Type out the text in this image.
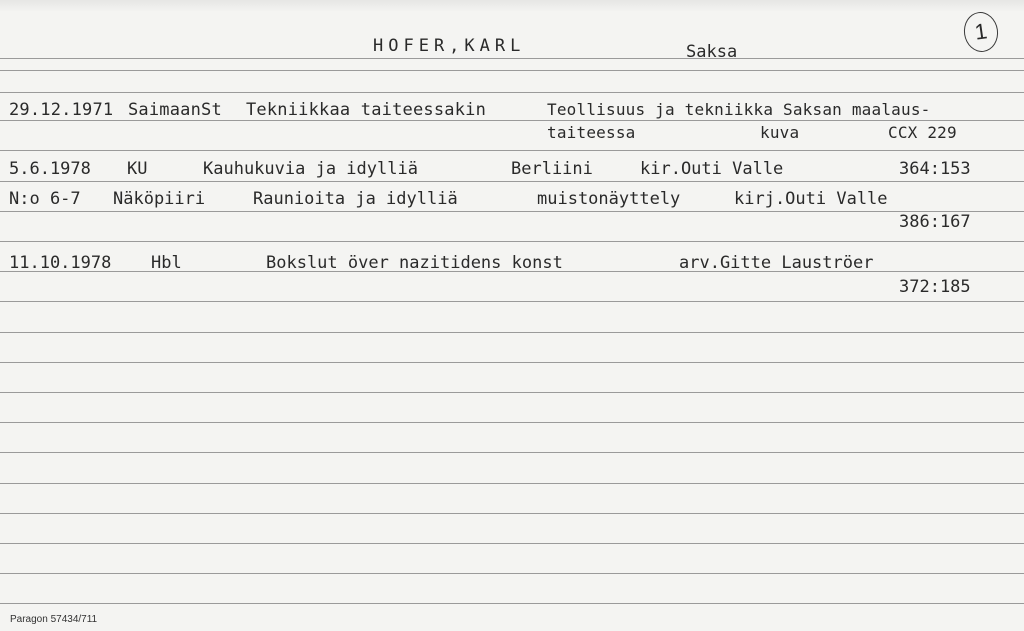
HOFER,KARL	Saksa
1
29.12.1971 SaimaanSt Tekniikkaa taiteessakin	Teollisuus ja tekniikka Saksan maalaus-
taiteessa	kuva	CCX 229
5.6.1978 KU	Kauhukuvia ja idylliä	Berliini	kir.Outi Valle	364:153
N:o 6-7 Näköpiiri	Raunioita ja idylliä	muistonäyttely	kirj.Outi Valle
386:167
11.10.1978 Hbl	Bokslut över nazitidens konst	arv.Gitte Lauströer
372:185
Paragon 57434/711
